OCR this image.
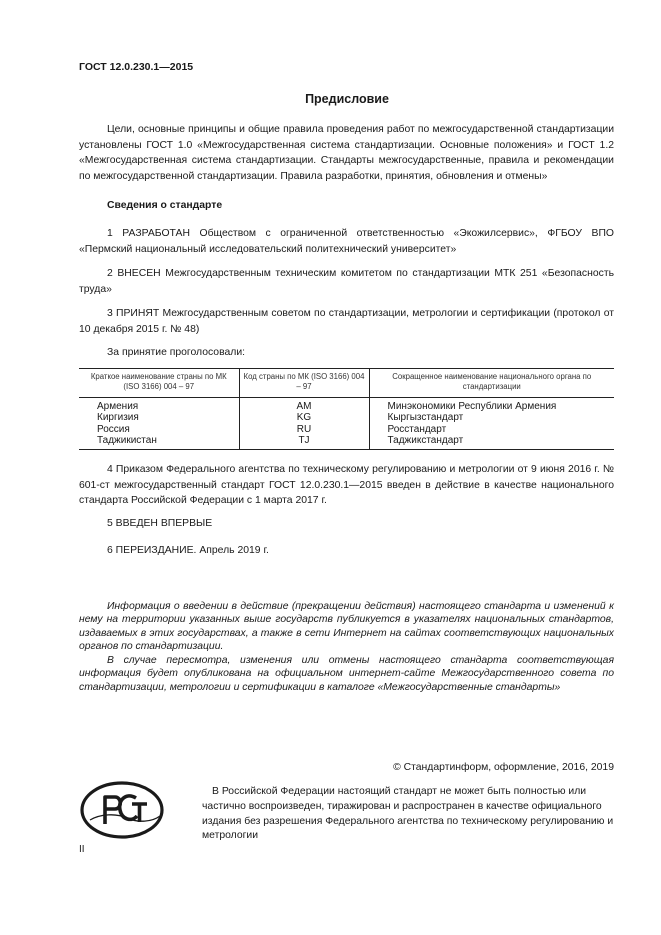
ГОСТ 12.0.230.1—2015
Предисловие

Цели, основные принципы и общие правила проведения работ по межгосударственной стандартизации установлены ГОСТ 1.0 «Межгосударственная система стандартизации. Основные положения» и ГОСТ 1.2 «Межгосударственная система стандартизации. Стандарты межгосударственные, правила и рекомендации по межгосударственной стандартизации. Правила разработки, принятия, обновления и отмены»

Сведения о стандарте

1 РАЗРАБОТАН Обществом с ограниченной ответственностью «Экожилсервис», ФГБОУ ВПО «Пермский национальный исследовательский политехнический университет»

2 ВНЕСЕН Межгосударственным техническим комитетом по стандартизации МТК 251 «Безопасность труда»

3 ПРИНЯТ Межгосударственным советом по стандартизации, метрологии и сертификации (протокол от 10 декабря 2015 г. № 48)

За принятие проголосовали:
Краткое наименование страны по МК (ISO 3166) 004 – 97	Код страны по МК (ISO 3166) 004 – 97	Сокращенное наименование национального органа по стандартизации
Армения	AM	Минэкономики Республики Армения
Киргизия	KG	Кыргызстандарт
Россия	RU	Росстандарт
Таджикистан	TJ	Таджикстандарт

4 Приказом Федерального агентства по техническому регулированию и метрологии от 9 июня 2016 г. № 601-ст межгосударственный стандарт ГОСТ 12.0.230.1—2015 введен в действие в качестве национального стандарта Российской Федерации с 1 марта 2017 г.

5 ВВЕДЕН ВПЕРВЫЕ
6 ПЕРЕИЗДАНИЕ. Апрель 2019 г.

Информация о введении в действие (прекращении действия) настоящего стандарта и изменений к нему на территории указанных выше государств публикуется в указателях национальных стандартов, издаваемых в этих государствах, а также в сети Интернет на сайтах соответствующих национальных органов по стандартизации.

В случае пересмотра, изменения или отмены настоящего стандарта соответствующая информация будет опубликована на официальном интернет-сайте Межгосударственного совета по стандартизации, метрологии и сертификации в каталоге «Межгосударственные стандарты»

© Стандартинформ, оформление, 2016, 2019

В Российской Федерации настоящий стандарт не может быть полностью или частично воспроизведен, тиражирован и распространен в качестве официального издания без разрешения Федерального агентства по техническому регулированию и метрологии

II
